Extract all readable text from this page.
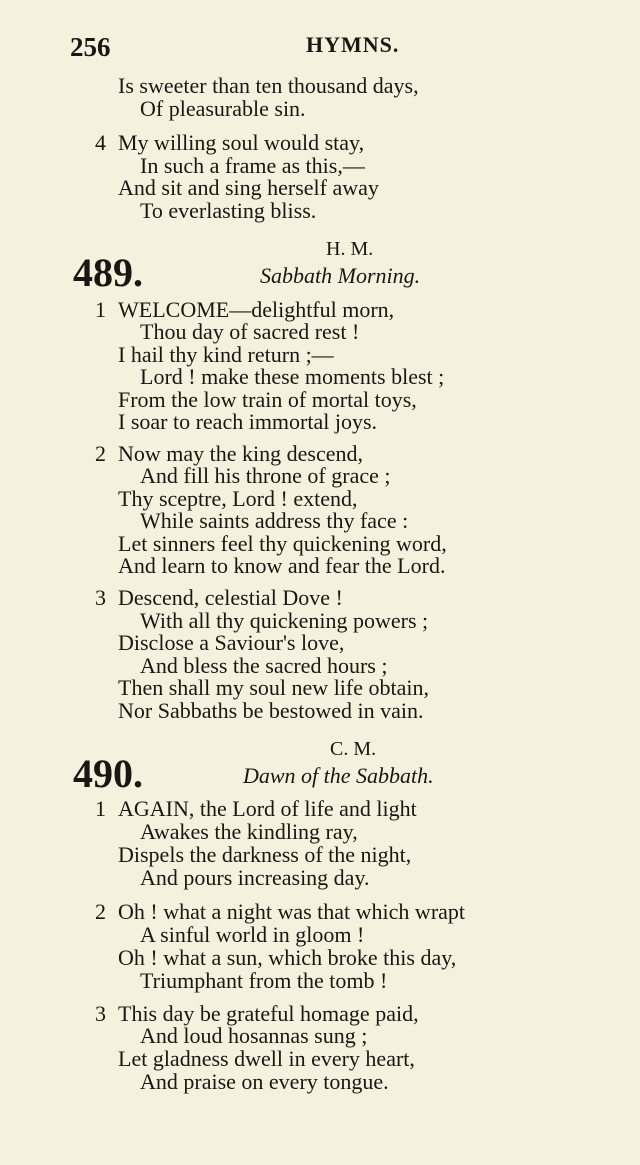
256	HYMNS.
Is sweeter than ten thousand days,
Of pleasurable sin.
4 My willing soul would stay,
In such a frame as this,—
And sit and sing herself away
To everlasting bliss.
H. M.
489.	Sabbath Morning.
1 WELCOME—delightful morn,
Thou day of sacred rest !
I hail thy kind return ;—
Lord ! make these moments blest ;
From the low train of mortal toys,
I soar to reach immortal joys.
2 Now may the king descend,
And fill his throne of grace ;
Thy sceptre, Lord ! extend,
While saints address thy face :
Let sinners feel thy quickening word,
And learn to know and fear the Lord.
3 Descend, celestial Dove !
With all thy quickening powers ;
Disclose a Saviour's love,
And bless the sacred hours ;
Then shall my soul new life obtain,
Nor Sabbaths be bestowed in vain.
C. M.
490.	Dawn of the Sabbath.
1 AGAIN, the Lord of life and light
Awakes the kindling ray,
Dispels the darkness of the night,
And pours increasing day.
2 Oh ! what a night was that which wrapt
A sinful world in gloom !
Oh ! what a sun, which broke this day,
Triumphant from the tomb !
3 This day be grateful homage paid,
And loud hosannas sung ;
Let gladness dwell in every heart,
And praise on every tongue.
